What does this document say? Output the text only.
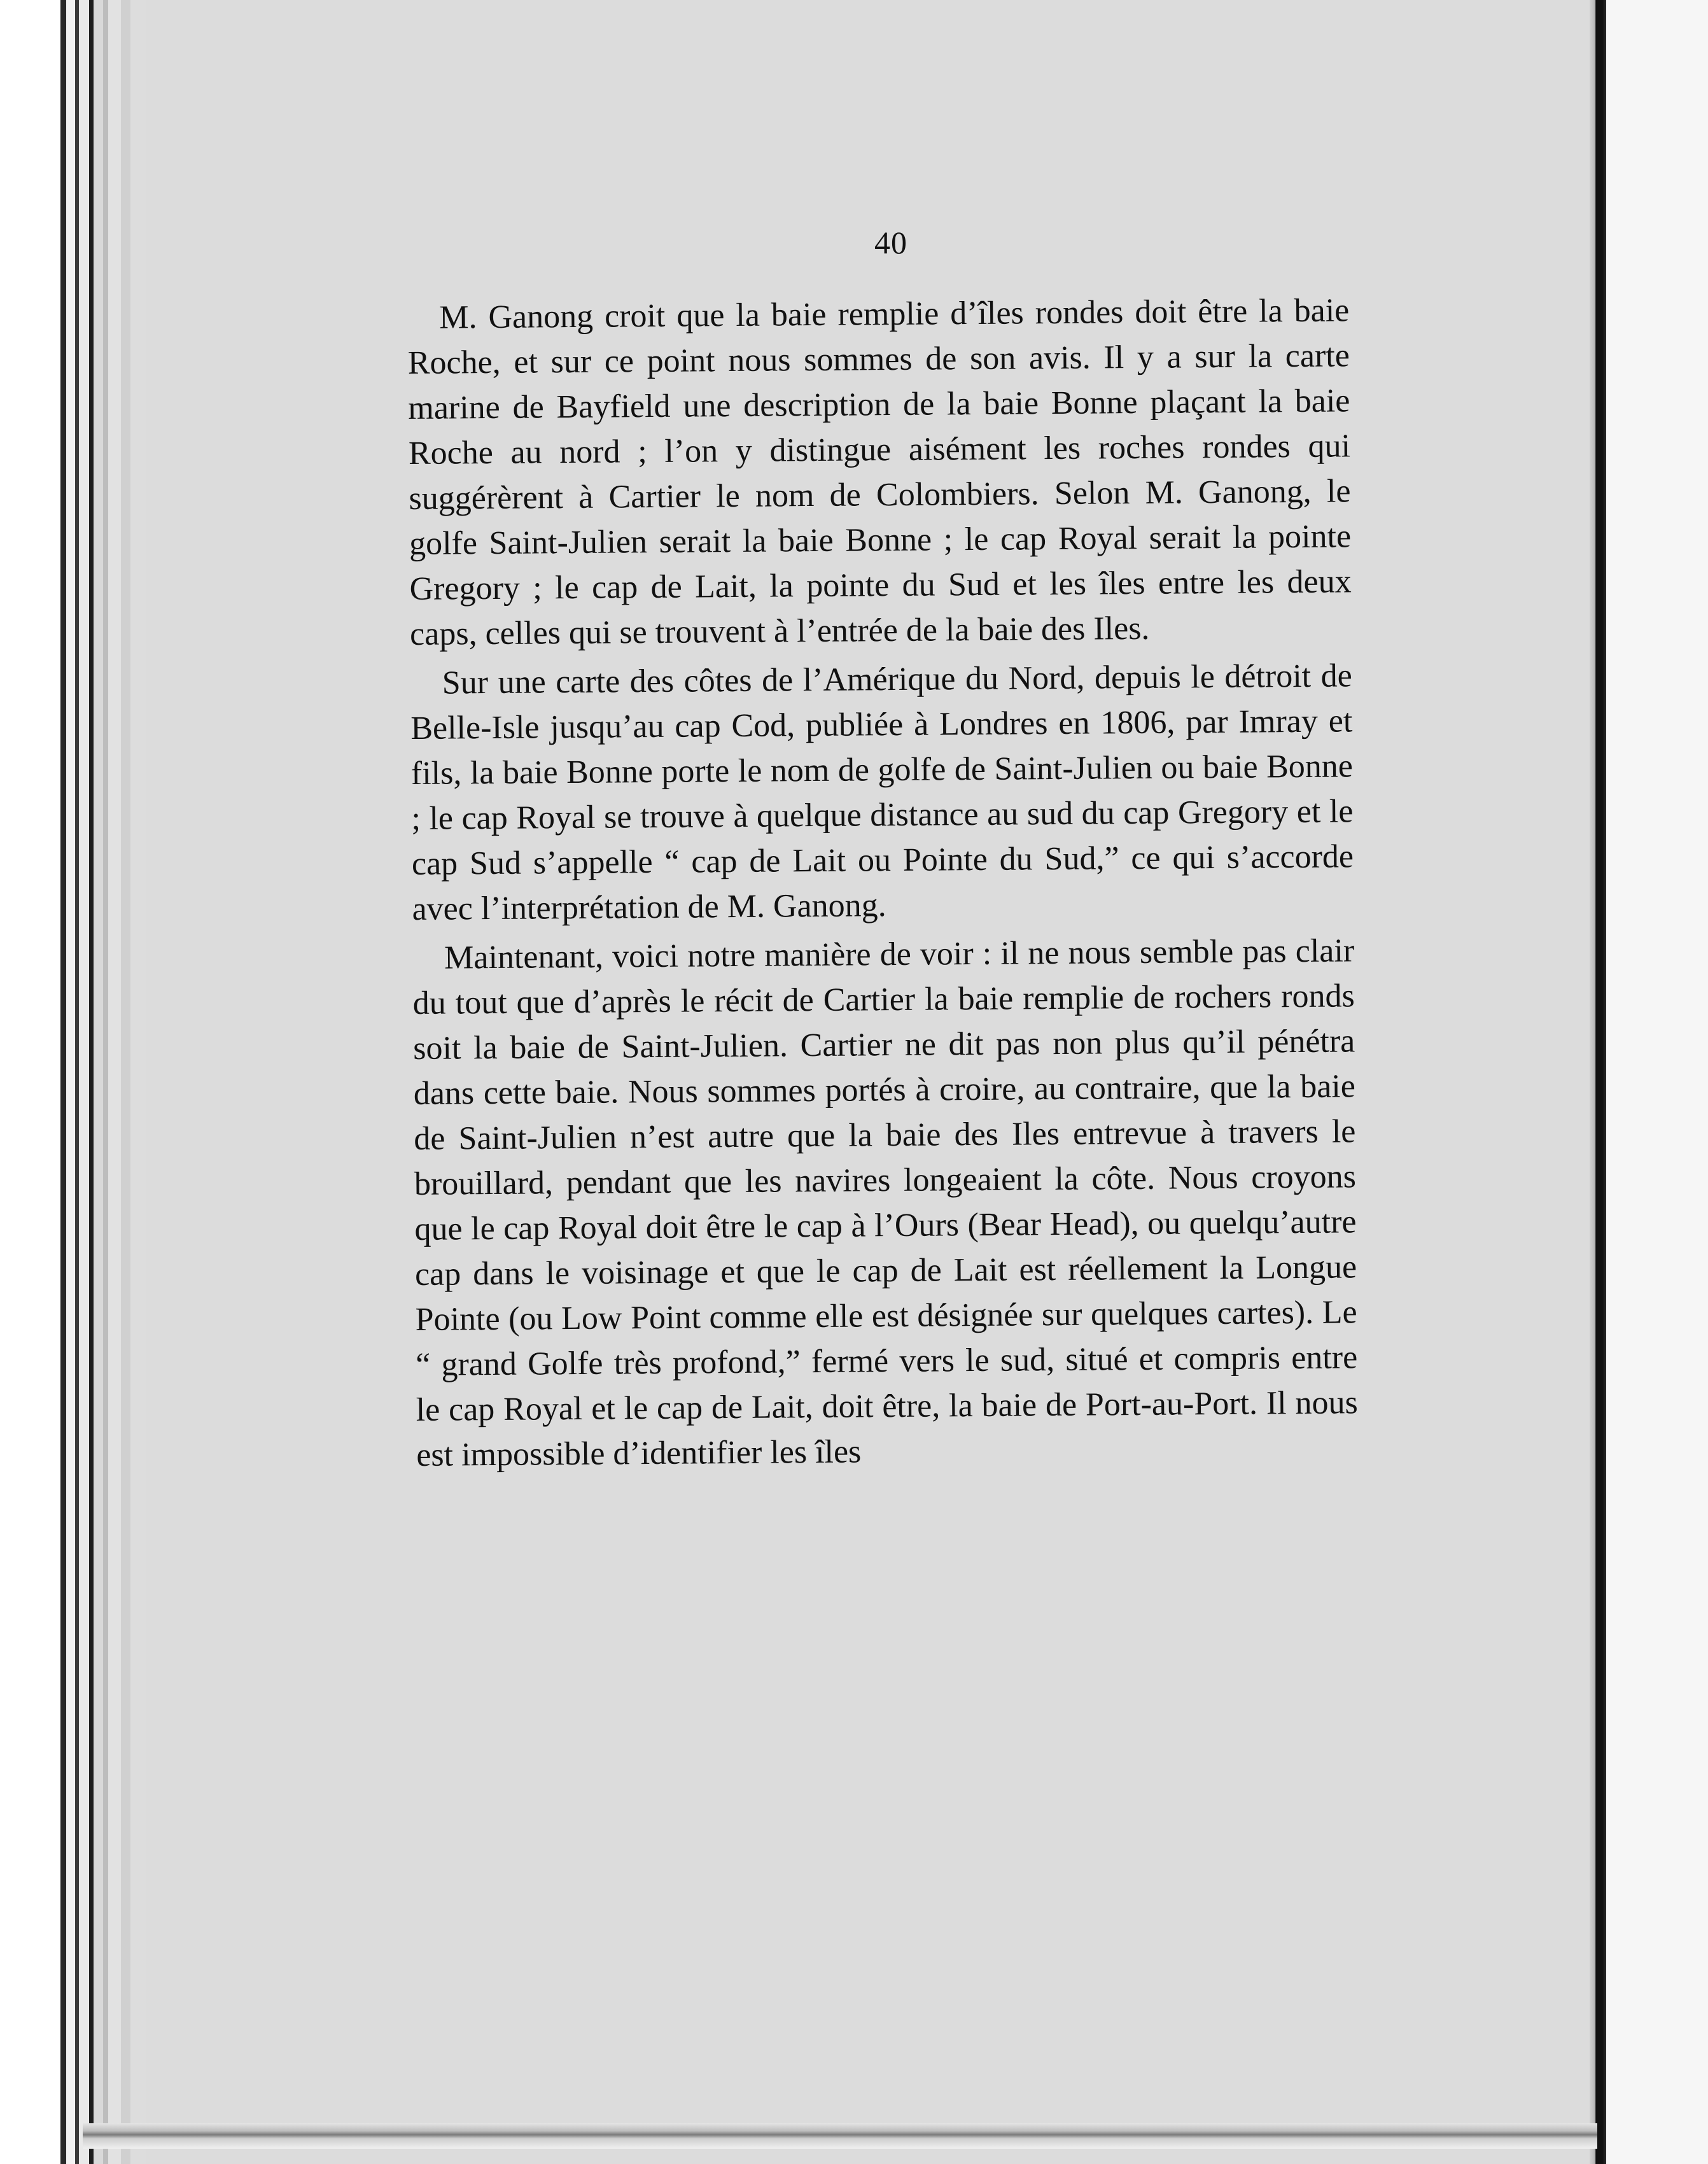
40

M. Ganong croit que la baie remplie d’îles rondes doit être la baie Roche, et sur ce point nous sommes de son avis. Il y a sur la carte marine de Bayfield une description de la baie Bonne plaçant la baie Roche au nord ; l’on y distingue aisément les roches rondes qui suggérèrent à Cartier le nom de Colombiers. Selon M. Ganong, le golfe Saint-Julien serait la baie Bonne ; le cap Royal serait la pointe Gregory ; le cap de Lait, la pointe du Sud et les îles entre les deux caps, celles qui se trouvent à l’entrée de la baie des Iles.

Sur une carte des côtes de l’Amérique du Nord, depuis le détroit de Belle-Isle jusqu’au cap Cod, publiée à Londres en 1806, par Imray et fils, la baie Bonne porte le nom de golfe de Saint-Julien ou baie Bonne ; le cap Royal se trouve à quelque distance au sud du cap Gregory et le cap Sud s’appelle “ cap de Lait ou Pointe du Sud,” ce qui s’accorde avec l’interprétation de M. Ganong.

Maintenant, voici notre manière de voir : il ne nous semble pas clair du tout que d’après le récit de Cartier la baie remplie de rochers ronds soit la baie de Saint-Julien. Cartier ne dit pas non plus qu’il pénétra dans cette baie. Nous sommes portés à croire, au contraire, que la baie de Saint-Julien n’est autre que la baie des Iles entrevue à travers le brouillard, pendant que les navires longeaient la côte. Nous croyons que le cap Royal doit être le cap à l’Ours (Bear Head), ou quelqu’autre cap dans le voisinage et que le cap de Lait est réellement la Longue Pointe (ou Low Point comme elle est désignée sur quelques cartes). Le “ grand Golfe très profond,” fermé vers le sud, situé et compris entre le cap Royal et le cap de Lait, doit être, la baie de Port-au-Port. Il nous est impossible d’identifier les îles
